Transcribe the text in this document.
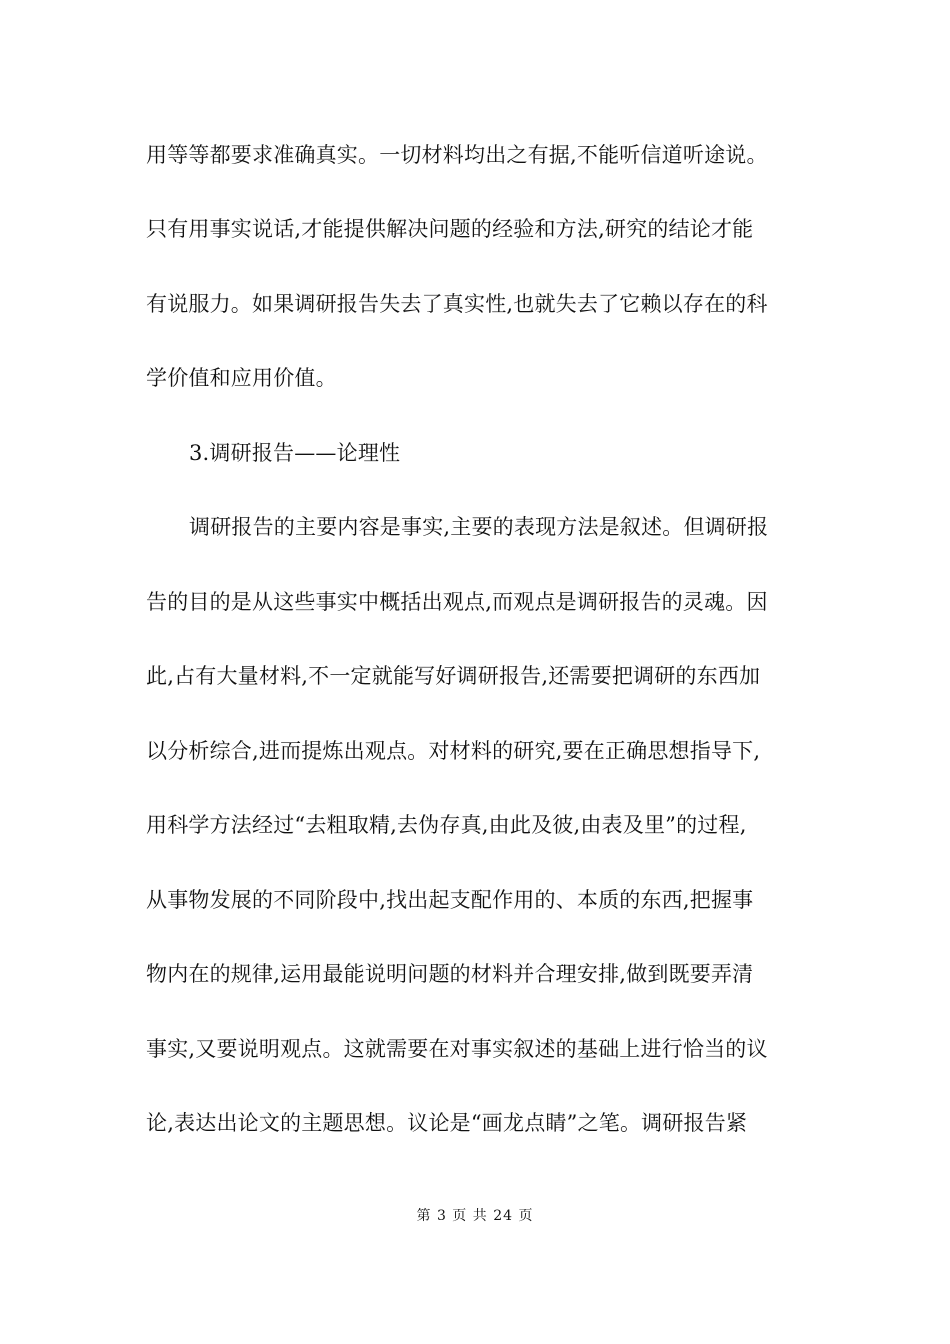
用等等都要求准确真实。一切材料均出之有据,不能听信道听途说。
只有用事实说话,才能提供解决问题的经验和方法,研究的结论才能
有说服力。如果调研报告失去了真实性,也就失去了它赖以存在的科
学价值和应用价值。
3.调研报告——论理性
调研报告的主要内容是事实,主要的表现方法是叙述。但调研报
告的目的是从这些事实中概括出观点,而观点是调研报告的灵魂。因
此,占有大量材料,不一定就能写好调研报告,还需要把调研的东西加
以分析综合,进而提炼出观点。对材料的研究,要在正确思想指导下,
用科学方法经过“去粗取精,去伪存真,由此及彼,由表及里”的过程,
从事物发展的不同阶段中,找出起支配作用的、本质的东西,把握事
物内在的规律,运用最能说明问题的材料并合理安排,做到既要弄清
事实,又要说明观点。这就需要在对事实叙述的基础上进行恰当的议
论,表达出论文的主题思想。议论是“画龙点睛”之笔。调研报告紧
第 3 页 共 24 页
